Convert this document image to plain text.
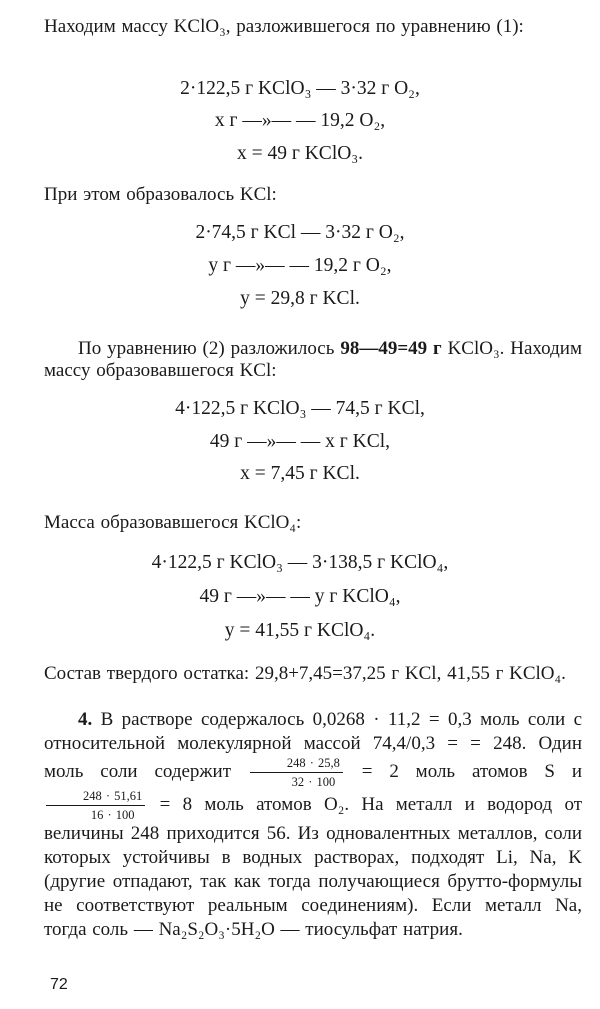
Находим массу KClO₃, разложившегося по уравнению (1):

2·122,5 г KClO₃ — 3·32 г O₂,

x г —»— — 19,2 O₂,

x = 49 г KClO₃.

При этом образовалось KCl:

2·74,5 г KCl — 3·32 г O₂,

y г —»— — 19,2 г O₂,

y = 29,8 г KCl.

По уравнению (2) разложилось 98—49=49 г KClO₃. Находим массу образовавшегося KCl:

4·122,5 г KClO₃ — 74,5 г KCl,

49 г —»— — x г KCl,

x = 7,45 г KCl.

Масса образовавшегося KClO₄:

4·122,5 г KClO₃ — 3·138,5 г KClO₄,

49 г —»— — y г KClO₄,

y = 41,55 г KClO₄.

Состав твердого остатка: 29,8+7,45=37,25 г KCl, 41,55 г KClO₄.

4. В растворе содержалось 0,0268 · 11,2 = 0,3 моль соли с относительной молекулярной массой 74,4/0,3 = = 248. Один моль соли содержит $\frac{248 \cdot 25,8}{32 \cdot 100} = 2$ моль атомов S и
$\frac{248 \cdot 51,61}{16 \cdot 100} = 8$ моль атомов O₂. На металл и водород от величины 248 приходится 56. Из одновалентных металлов, соли которых устойчивы в водных растворах, подходят Li, Na, K (другие отпадают, так как тогда получающиеся брутто-формулы не соответствуют реальным соединениям). Если металл Na, тогда соль — Na₂S₂O₃·5H₂O — тиосульфат натрия.

72
